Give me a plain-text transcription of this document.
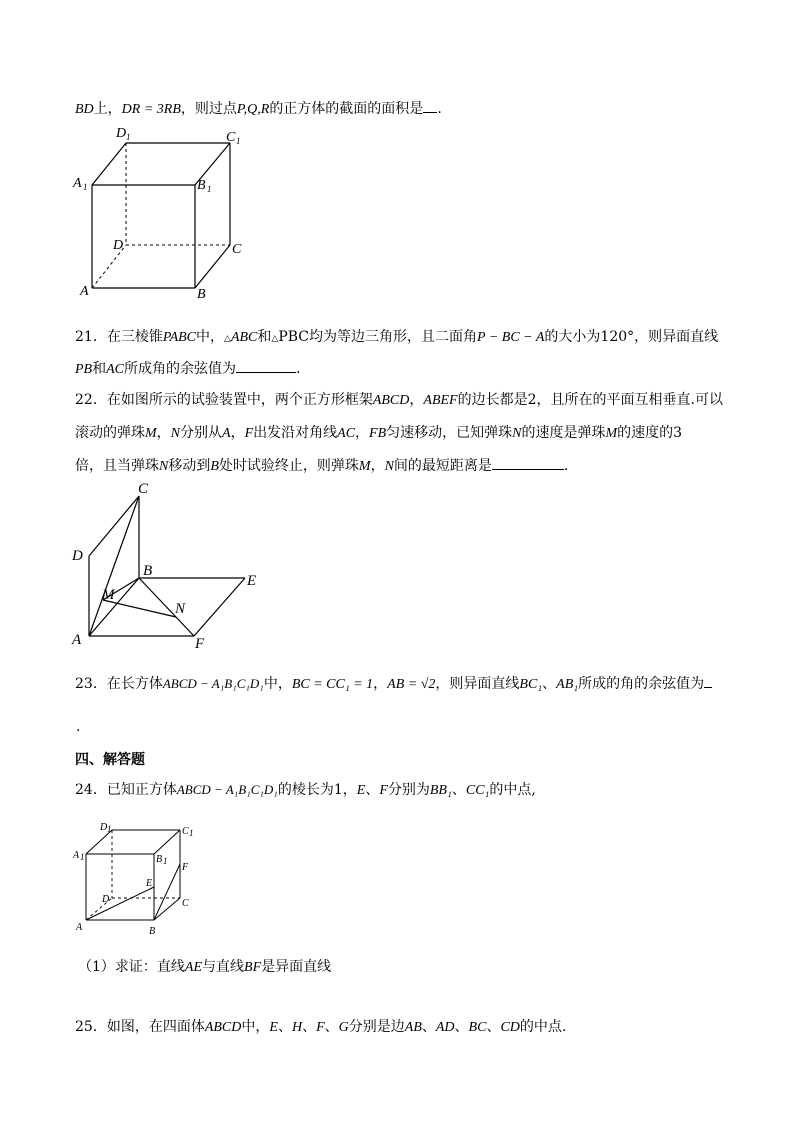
BD上，DR = 3RB，则过点P,Q,R的正方体的截面的面积是 .
D 1	C 1
A 1	B 1
D	C
A	B
21．在三棱锥PABC中，△ABC和△PBC均为等边三角形，且二面角P − BC − A的大小为120°，则异面直线
PB和AC所成角的余弦值为	.
22．在如图所示的试验装置中，两个正方形框架ABCD，ABEF的边长都是2，且所在的平面互相垂直.可以
滚动的弹珠M，N分别从A，F出发沿对角线AC，FB匀速移动，已知弹珠N的速度是弹珠M的速度的3
倍，且当弹珠N移动到B处时试验终止，则弹珠M，N间的最短距离是	.
C
D
B
E
M
N
A	F
23．在长方体ABCD − A₁B₁C₁D₁中，BC = CC₁ = 1，AB = √2，则异面直线BC₁、AB₁所成的角的余弦值为
.
四、解答题
24．已知正方体ABCD − A₁B₁C₁D₁的棱长为1，E、F分别为BB₁、CC₁的中点,
D 1	C 1
A 1	B 1
F
E
D	C
A	B
（1）求证：直线AE与直线BF是异面直线
25．如图，在四面体ABCD中，E、H、F、G分别是边AB、AD、BC、CD的中点.
